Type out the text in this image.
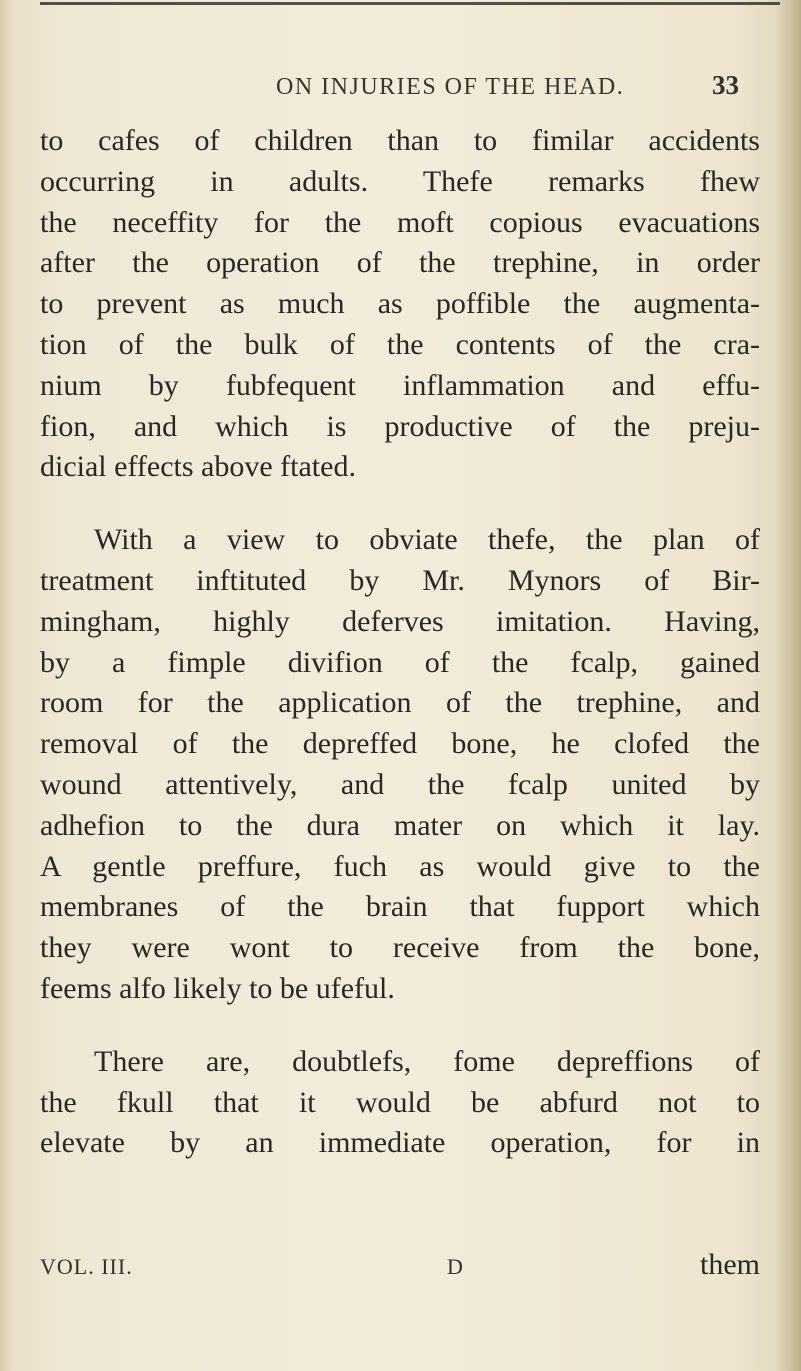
ON INJURIES OF THE HEAD.	33
to cafes of children than to fimilar accidents
occurring in adults. Thefe remarks fhew
the neceffity for the moft copious evacuations
after the operation of the trephine, in order
to prevent as much as poffible the augmenta-
tion of the bulk of the contents of the cra-
nium by fubfequent inflammation and effu-
fion, and which is productive of the preju-
dicial effects above ftated.
With a view to obviate thefe, the plan of
treatment inftituted by Mr. Mynors of Bir-
mingham, highly deferves imitation. Having,
by a fimple divifion of the fcalp, gained
room for the application of the trephine, and
removal of the depreffed bone, he clofed the
wound attentively, and the fcalp united by
adhefion to the dura mater on which it lay.
A gentle preffure, fuch as would give to the
membranes of the brain that fupport which
they were wont to receive from the bone,
feems alfo likely to be ufeful.
There are, doubtlefs, fome depreffions of
the fkull that it would be abfurd not to
elevate by an immediate operation, for in
VOL. III.	D	them
